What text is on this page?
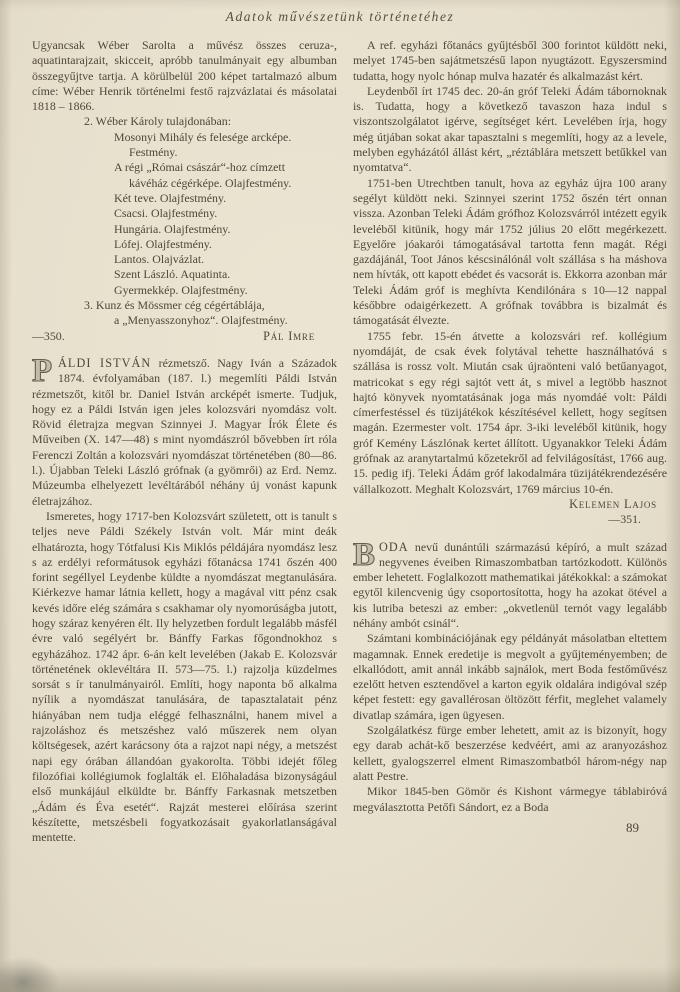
Adatok művészetünk történetéhez

Ugyancsak Wéber Sarolta a művész összes ceruza-, aquatintarajzait, skicceit, apróbb tanulmányait egy albumban összegyűjtve tartja. A körülbelül 200 képet tartalmazó album címe: Wéber Henrik történelmi festő rajzvázlatai és másolatai 1818 – 1866.

2. Wéber Károly tulajdonában:
Mosonyi Mihály és felesége arcképe.
Festmény.
A régi „Római császár“-hoz címzett
kávéház cégérképe. Olajfestmény.
Két teve. Olajfestmény.
Csacsi. Olajfestmény.
Hungária. Olajfestmény.
Lófej. Olajfestmény.
Lantos. Olajvázlat.
Szent László. Aquatinta.
Gyermekkép. Olajfestmény.
3. Kunz és Mössmer cég cégértáblája,
a „Menyasszonyhoz“. Olajfestmény.
—350.	Pál Imre

PÁLDI ISTVÁN rézmetsző. Nagy Iván a Századok 1874. évfolyamában (187. l.) megemlíti Páldi István rézmetszőt, kitől br. Daniel István arcképét ismerte. Tudjuk, hogy ez a Páldi István igen jeles kolozsvári nyomdász volt. Rövid életrajza megvan Szinnyei J. Magyar Írók Élete és Műveiben (X. 147—48) s mint nyomdászról bővebben írt róla Ferenczi Zoltán a kolozsvári nyomdászat történetében (80—86. l.). Újabban Teleki László grófnak (a gyömrői) az Erd. Nemz. Múzeumba elhelyezett levéltárából néhány új vonást kapunk életrajzához.

Ismeretes, hogy 1717-ben Kolozsvárt született, ott is tanult s teljes neve Páldi Székely István volt. Már mint deák elhatározta, hogy Tótfalusi Kis Miklós példájára nyomdász lesz s az erdélyi reformátusok egyházi főtanácsa 1741 őszén 400 forint segéllyel Leydenbe küldte a nyomdászat megtanulására. Kiérkezve hamar látnia kellett, hogy a magával vitt pénz csak kevés időre elég számára s csakhamar oly nyomorúságba jutott, hogy száraz kenyéren élt. Ily helyzetben fordult legalább másfél évre való segélyért br. Bánffy Farkas főgondnokhoz s egyházához. 1742 ápr. 6-án kelt levelében (Jakab E. Kolozsvár történetének oklevéltára II. 573—75. l.) rajzolja küzdelmes sorsát s ír tanulmányairól. Említi, hogy naponta bő alkalma nyílik a nyomdászat tanulására, de tapasztalatait pénz hiányában nem tudja eléggé felhasználni, hanem mivel a rajzoláshoz és metszéshez való műszerek nem olyan költségesek, azért karácsony óta a rajzot napi négy, a metszést napi egy órában állandóan gyakorolta. Többi idejét főleg filozófiai kollégiumok foglalták el. Előhaladása bizonyságául első munkájául elküldte br. Bánffy Farkasnak metszetben „Ádám és Éva esetét“. Rajzát mesterei előírása szerint készítette, metszésbeli fogyatkozásait gyakorlatlanságával mentette.

A ref. egyházi főtanács gyűjtésből 300 forintot küldött neki, melyet 1745-ben sajátmetszésű lapon nyugtázott. Egyszersmind tudatta, hogy nyolc hónap mulva hazatér és alkalmazást kért.

Leydenből írt 1745 dec. 20-án gróf Teleki Ádám tábornoknak is. Tudatta, hogy a következő tavaszon haza indul s viszontszolgálatot igérve, segítséget kért. Levelében írja, hogy még útjában sokat akar tapasztalni s megemlíti, hogy az a levele, melyben egyházától állást kért, „réztáblára metszett betűkkel van nyomtatva“.

1751-ben Utrechtben tanult, hova az egyház újra 100 arany segélyt küldött neki. Szinnyei szerint 1752 őszén tért onnan vissza. Azonban Teleki Ádám grófhoz Kolozsvárról intézett egyik leveléből kitünik, hogy már 1752 július 20 előtt megérkezett. Egyelőre jóakarói támogatásával tartotta fenn magát. Régi gazdájánál, Toot János késcsinálónál volt szállása s ha máshova nem hívták, ott kapott ebédet és vacsorát is. Ekkorra azonban már Teleki Ádám gróf is meghívta Kendilónára s 10—12 nappal későbbre odaigérkezett. A grófnak továbbra is bizalmát és támogatását élvezte.

1755 febr. 15-én átvette a kolozsvári ref. kollégium nyomdáját, de csak évek folytával tehette használhatóvá s szállása is rossz volt. Miután csak újraönteni való betűanyagot, matricokat s egy régi sajtót vett át, s mivel a legtöbb hasznot hajtó könyvek nyomtatásának joga más nyomdáé volt: Páldi címerfestéssel és tüzijátékok készítésével kellett, hogy segítsen magán. Ezermester volt. 1754 ápr. 3-iki leveléből kitünik, hogy gróf Kemény Lászlónak kertet állított. Ugyanakkor Teleki Ádám grófnak az aranytartalmú kőzetekről ad felvilágosítást, 1766 aug. 15. pedig ifj. Teleki Ádám gróf lakodalmára tüzijátékrendezésére vállalkozott. Meghalt Kolozsvárt, 1769 március 10-én.

Kelemen Lajos
—351.

BODA nevű dunántúli származású képíró, a mult század negyvenes éveiben Rimaszombatban tartózkodott. Különös ember lehetett. Foglalkozott mathematikai játékokkal: a számokat egytől kilencvenig úgy csoportosította, hogy ha azokat ötével a kis lutriba beteszi az ember: „okvetlenül ternót vagy legalább néhány ambót csinál“.

Számtani kombinációjának egy példányát másolatban eltettem magamnak. Ennek eredetije is megvolt a gyűjteményemben; de elkallódott, amit annál inkább sajnálok, mert Boda festőművész ezelőtt hetven esztendővel a karton egyik oldalára indigóval szép képet festett: egy gavallérosan öltözött férfit, meglehet valamely divatlap számára, igen ügyesen.

Szolgálatkész fürge ember lehetett, amit az is bizonyít, hogy egy darab achát-kő beszerzése kedvéért, ami az aranyozáshoz kellett, gyalogszerrel elment Rimaszombatból három-négy nap alatt Pestre.

Mikor 1845-ben Gömör és Kishont vármegye táblabiróvá megválasztotta Petőfi Sándort, ez a Boda

89
